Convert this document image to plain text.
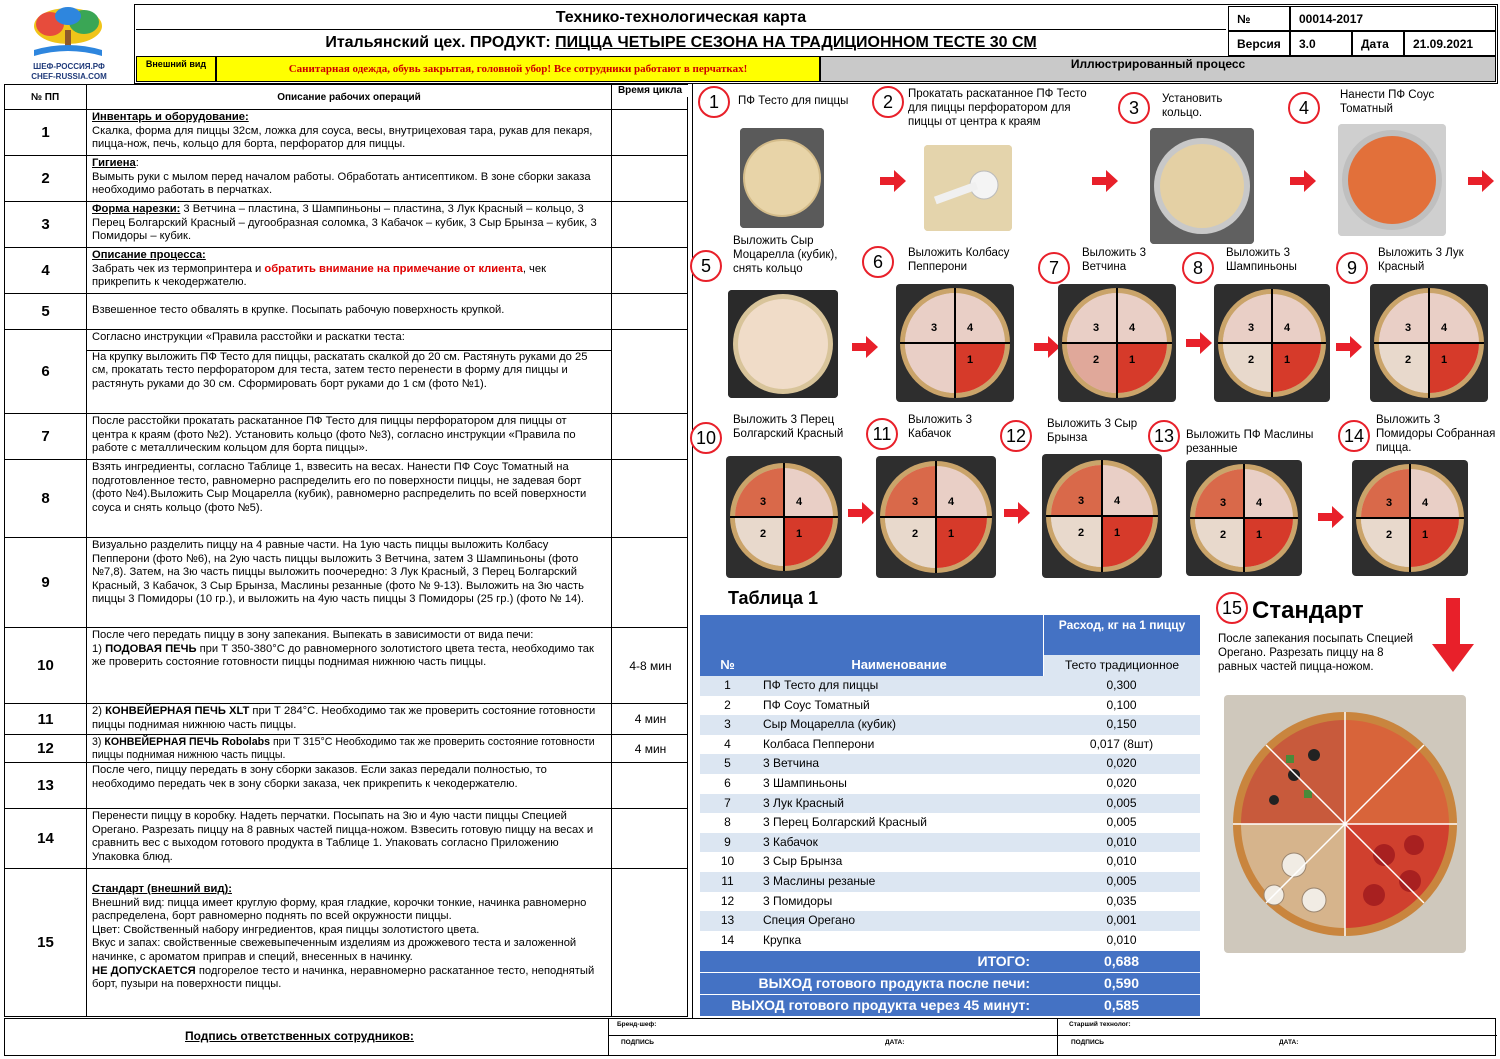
ШЕФ-РОССИЯ.РФ
CHEF-RUSSIA.COM
Технико-технологическая карта
Итальянский цех. ПРОДУКТ: ПИЦЦА ЧЕТЫРЕ СЕЗОНА НА ТРАДИЦИОННОМ ТЕСТЕ 30 СМ
№	00014-2017
Версия	3.0	Дата	21.09.2021
Внешний вид	Санитарная одежда, обувь закрытая, головной убор! Все сотрудники работают в перчатках!	Иллюстрированный процесс
№ ПП	Описание рабочих операций
Время цикла
1
Инвентарь и оборудование:
Скалка, форма для пиццы 32см, ложка для соуса, весы, внутрицеховая тара, рукав для пекаря, пицца-нож, печь, кольцо для борта, перфоратор для пиццы.
2
Гигиена:
Вымыть руки с мылом перед началом работы. Обработать антисептиком. В зоне сборки заказа необходимо работать в перчатках.
3
Форма нарезки: 3 Ветчина – пластина, 3 Шампиньоны – пластина, 3 Лук Красный – кольцо, 3 Перец Болгарский Красный – дугообразная соломка, 3 Кабачок – кубик, 3 Сыр Брынза – кубик, 3 Помидоры – кубик.
4
Описание процесса:
Забрать чек из термопринтера и обратить внимание на примечание от клиента, чек прикрепить к чекодержателю.
5	Взвешенное тесто обвалять в крупке. Посыпать рабочую поверхность крупкой.
6
Согласно инструкции «Правила расстойки и раскатки теста:
На крупку выложить ПФ Тесто для пиццы, раскатать скалкой до 20 см. Растянуть руками до 25 см, прокатать тесто перфоратором для теста, затем тесто перенести в форму для пиццы и растянуть руками до 30 см. Сформировать борт руками до 1 см (фото №1).
7
После расстойки прокатать раскатанное ПФ Тесто для пиццы перфоратором для пиццы от центра к краям (фото №2). Установить кольцо (фото №3), согласно инструкции «Правила по работе с металлическим кольцом для борта пиццы».
8
Взять ингредиенты, согласно Таблице 1, взвесить на весах. Нанести ПФ Соус Томатный на подготовленное тесто, равномерно распределить его по поверхности пиццы, не задевая борт (фото №4).Выложить Сыр Моцарелла (кубик), равномерно распределить по всей поверхности соуса и снять кольцо (фото №5).
9
Визуально разделить пиццу на 4 равные части. На 1ую часть пиццы выложить Колбасу Пепперони (фото №6), на 2ую часть пиццы выложить 3 Ветчина, затем 3 Шампиньоны (фото №7,8). Затем, на 3ю часть пиццы выложить поочередно: 3 Лук Красный, 3 Перец Болгарский Красный, 3 Кабачок, 3 Сыр Брынза, Маслины резанные (фото № 9-13). Выложить на 3ю часть пиццы 3 Помидоры (10 гр.), и выложить на 4ую часть пиццы 3 Помидоры (25 гр.) (фото № 14).
10
После чего передать пиццу в зону запекания. Выпекать в зависимости от вида печи:
1) ПОДОВАЯ ПЕЧЬ при Т 350-380°С до равномерного золотистого цвета теста, необходимо так же проверить состояние готовности пиццы поднимая нижнюю часть пиццы.	4-8 мин
11	2) КОНВЕЙЕРНАЯ ПЕЧЬ XLT при Т 284°С. Необходимо так же проверить состояние готовности пиццы поднимая нижнюю часть пиццы.	4 мин
12	3) КОНВЕЙЕРНАЯ ПЕЧЬ Robolabs при Т 315°С Необходимо так же проверить состояние готовности пиццы поднимая нижнюю часть пиццы.	4 мин
13
После чего, пиццу передать в зону сборки заказов. Если заказ передали полностью, то необходимо передать чек в зону сборки заказа, чек прикрепить к чекодержателю.
14
Перенести пиццу в коробку. Надеть перчатки. Посыпать на 3ю и 4ую части пиццы Специей Орегано. Разрезать пиццу на 8 равных частей пицца-ножом. Взвесить готовую пиццу на весах и сравнить вес с выходом готового продукта в Таблице 1. Упаковать согласно Приложению Упаковка блюд.
15
Стандарт (внешний вид):
Внешний вид: пицца имеет круглую форму, края гладкие, корочки тонкие, начинка равномерно распределена, борт равномерно поднять по всей окружности пиццы.
Цвет: Свойственный набору ингредиентов, края пиццы золотистого цвета.
Вкус и запах: свойственные свежевыпеченным изделиям из дрожжевого теста и заложенной начинке, с ароматом приправ и специй, внесенных в начинку.
НЕ ДОПУСКАЕТСЯ подгорелое тесто и начинка, неравномерно раскатанное тесто, неподнятый борт, пузыри на поверхности пиццы.
1	ПФ Тесто для пиццы	2	Прокатать раскатанное ПФ Тесто для пиццы перфоратором для пиццы от центра к краям
3	Установить кольцо.	4
Нанести ПФ Соус Томатный
5
Выложить Сыр Моцарелла (кубик), снять кольцо	6	Выложить Колбасу Пепперони	7
Выложить 3 Ветчина	8
Выложить 3 Шампиньоны	9
Выложить 3 Лук Красный
10
Выложить 3 Перец Болгарский Красный	11
Выложить 3 Кабачок	12
Выложить 3 Сыр Брынза	13	Выложить ПФ Маслины резанные
14
Выложить 3 Помидоры Собранная пицца.
1
3	4
1
2
3	4
1
2
3	4
1
2
3	4
1
2
3	4
1
2
3	4
1
2
3	4
1
2
3	4
1
2
3	4
Таблица 1
№	Наименование
Расход, кг на 1 пиццу
Тесто традиционное
1	ПФ Тесто для пиццы	0,300
2	ПФ Соус Томатный	0,100
3	Сыр Моцарелла (кубик)	0,150
4	Колбаса Пепперони	0,017 (8шт)
5	3 Ветчина	0,020
6	3 Шампиньоны	0,020
7	3 Лук Красный	0,005
8	3 Перец Болгарский Красный	0,005
9	3 Кабачок	0,010
10	3 Сыр Брынза	0,010
11	3 Маслины резаные	0,005
12	3 Помидоры	0,035
13	Специя Орегано	0,001
14	Крупка	0,010
ИТОГО:	0,688
ВЫХОД готового продукта после печи:	0,590
ВЫХОД готового продукта через 45 минут:	0,585
15 Стандарт
После запекания посыпать Специей Орегано. Разрезать пиццу на 8 равных частей пицца-ножом.
Подпись ответственных сотрудников:
Бренд-шеф:	Старший технолог:
ПОДПИСЬ	ДАТА:	ПОДПИСЬ	ДАТА:
